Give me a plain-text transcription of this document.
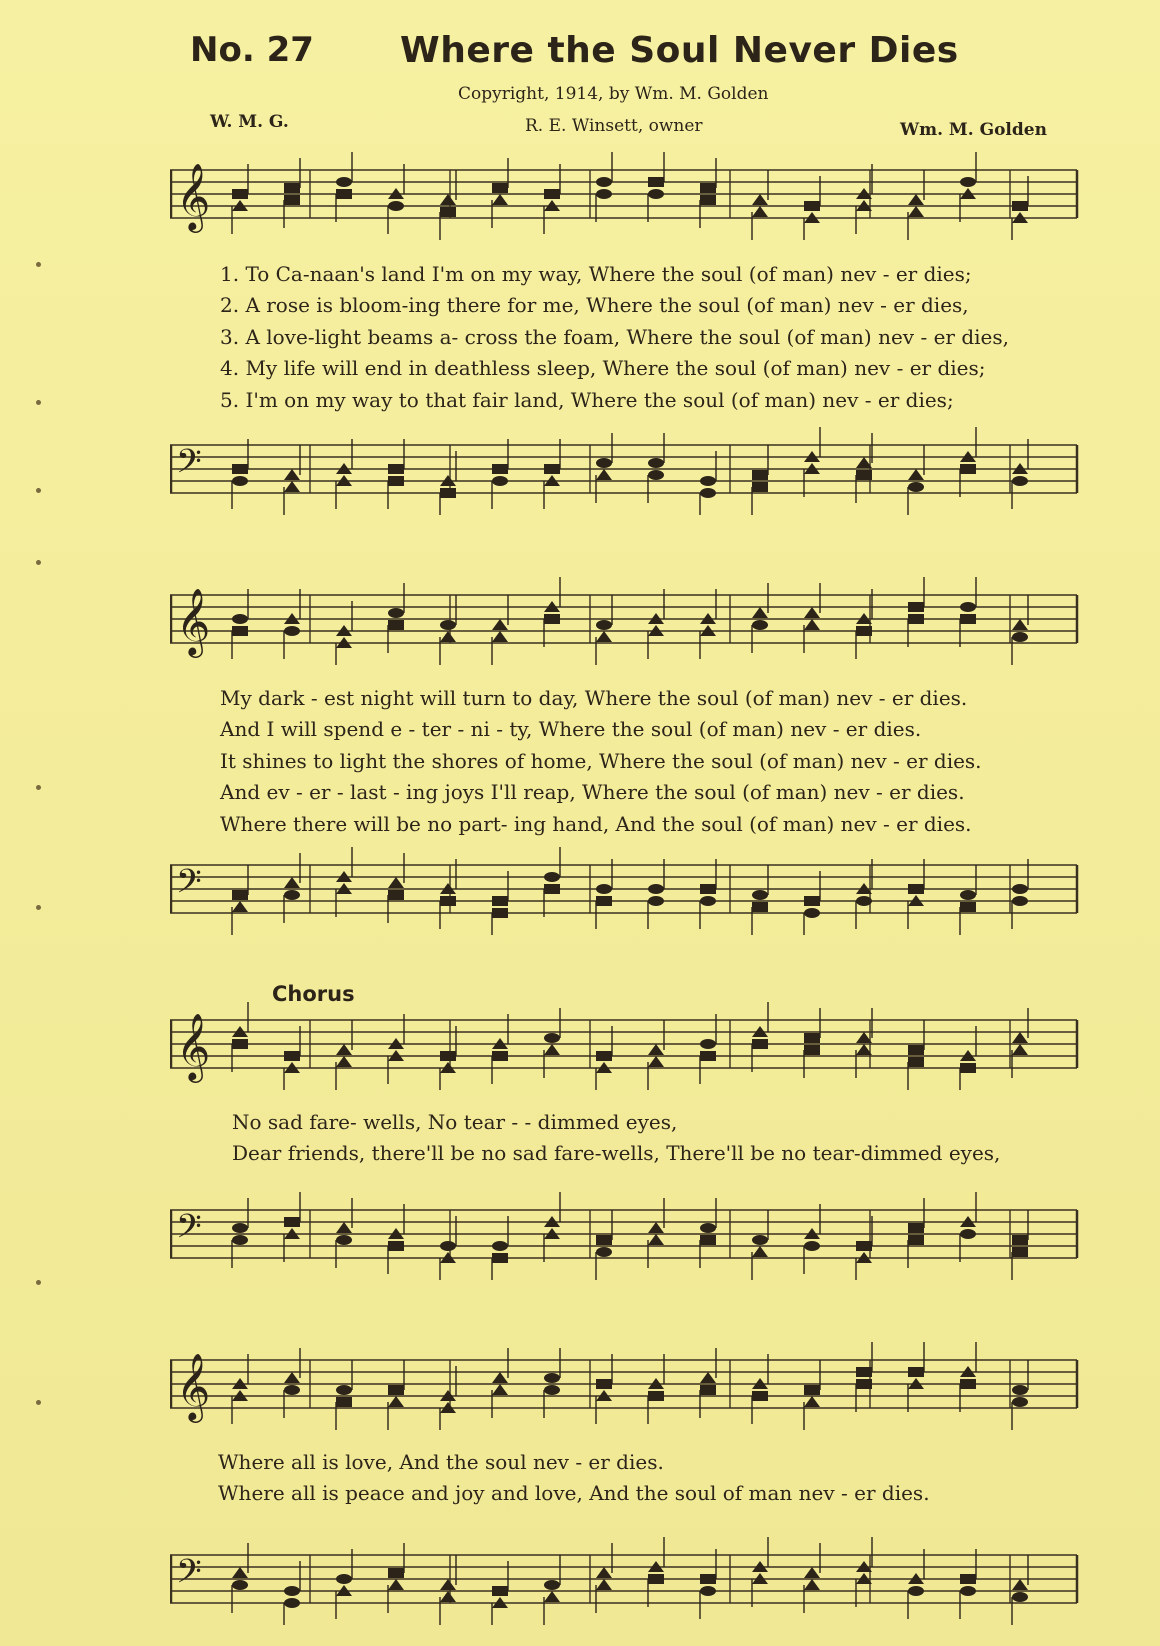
No. 27 Where the Soul Never Dies
Copyright, 1914, by Wm. M. Golden
W. M. G.	R. E. Winsett, owner	Wm. M. Golden
𝄞
1. To Ca-naan's land I'm on my way, Where the soul (of man) nev - er dies;
2. A rose is bloom-ing there for me, Where the soul (of man) nev - er dies,
3. A love-light beams a- cross the foam, Where the soul (of man) nev - er dies,
4. My life will end in deathless sleep, Where the soul (of man) nev - er dies;
5. I'm on my way to that fair land, Where the soul (of man) nev - er dies;
𝄢
𝄞
My dark - est night will turn to day, Where the soul (of man) nev - er dies.
And I will spend e - ter - ni - ty, Where the soul (of man) nev - er dies.
It shines to light the shores of home, Where the soul (of man) nev - er dies.
And ev - er - last - ing joys I'll reap, Where the soul (of man) nev - er dies.
Where there will be no part- ing hand, And the soul (of man) nev - er dies.
𝄢
Chorus
𝄞
No sad fare- wells, No tear - - dimmed eyes,
Dear friends, there'll be no sad fare-wells, There'll be no tear-dimmed eyes,
𝄢
𝄞
Where all is love, And the soul nev - er dies.
Where all is peace and joy and love, And the soul of man nev - er dies.
𝄢
